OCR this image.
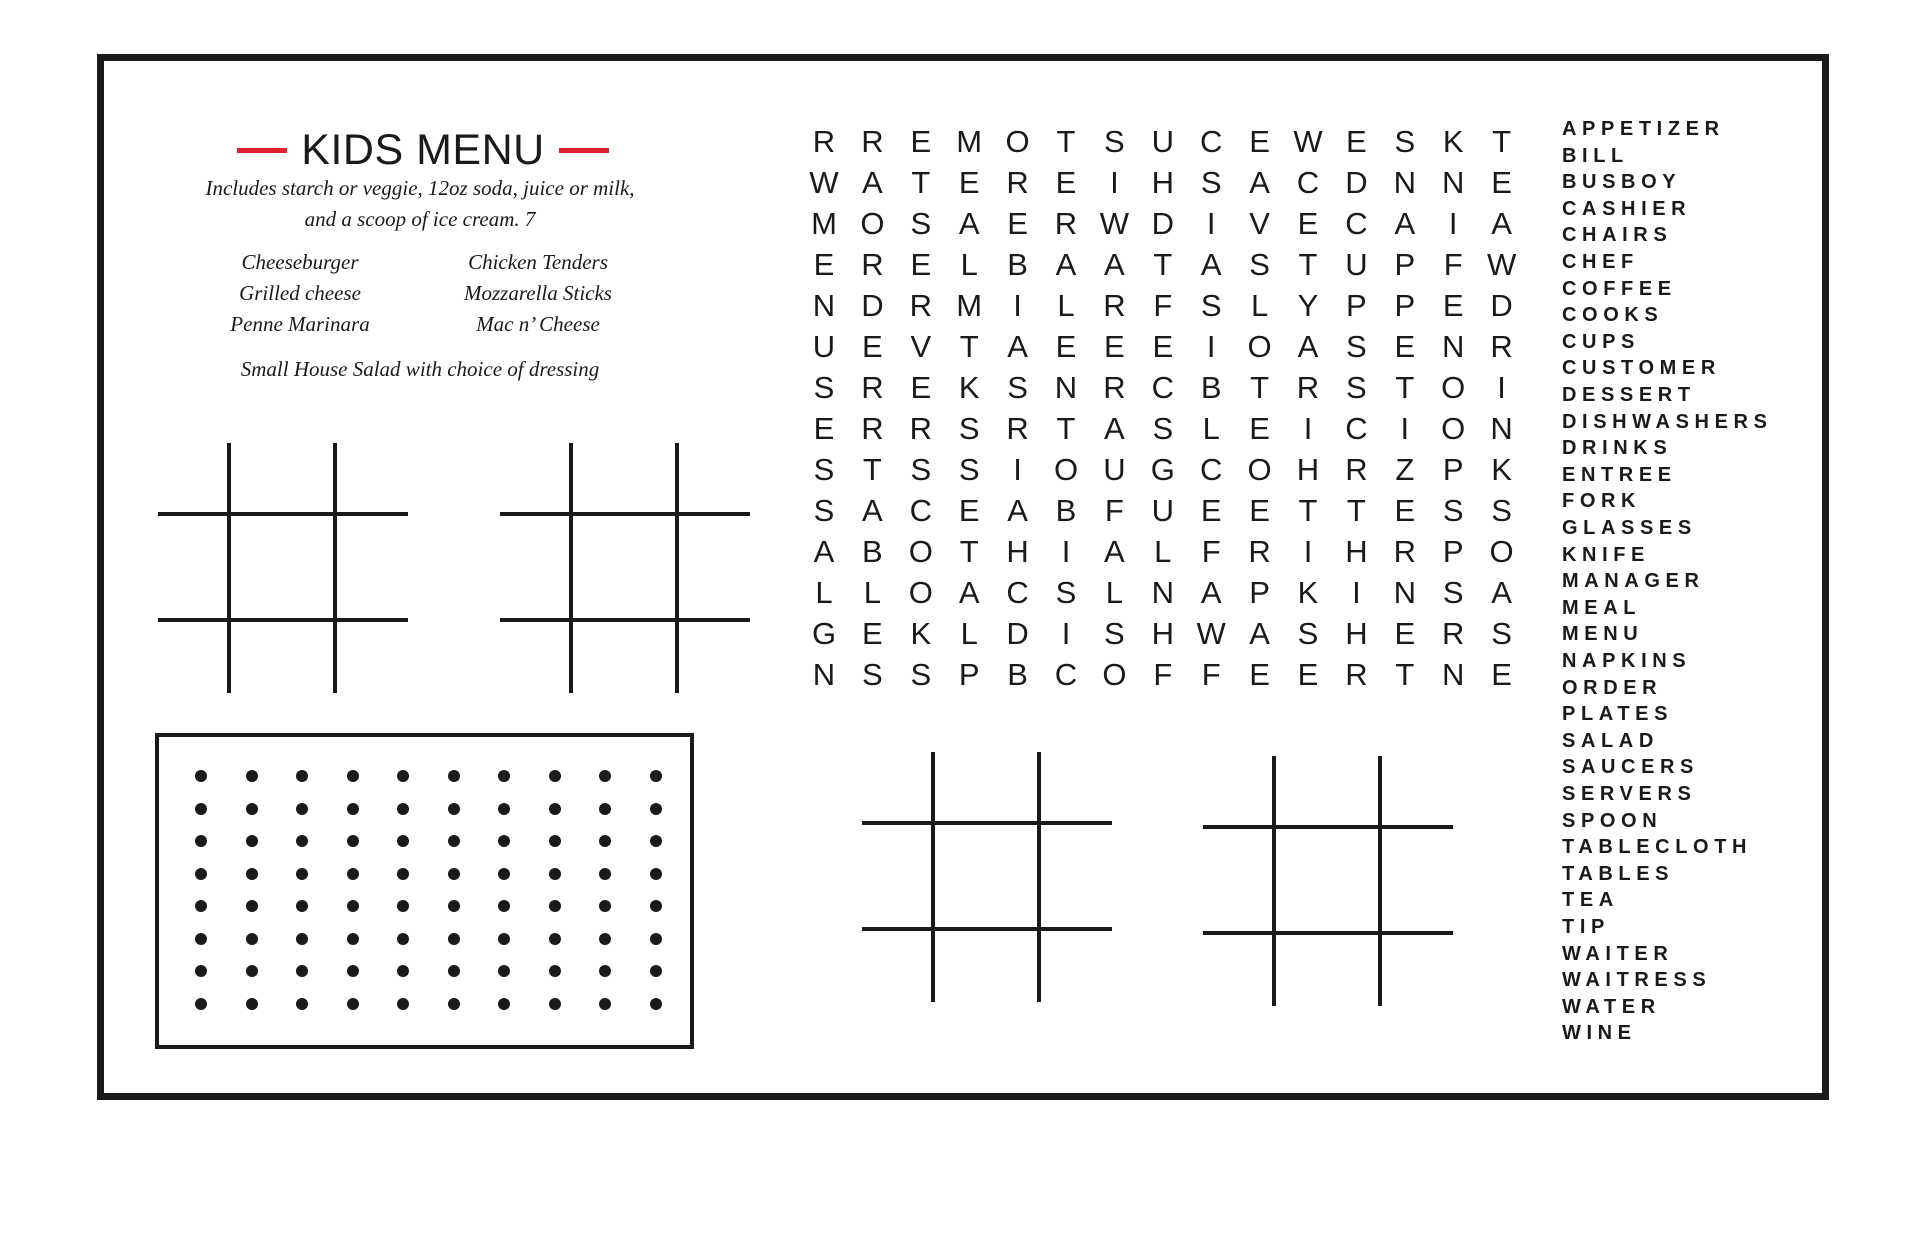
KIDS MENU
Includes starch or veggie, 12oz soda, juice or milk,
and a scoop of ice cream. 7
Cheeseburger
Grilled cheese
Penne Marinara
Chicken Tenders
Mozzarella Sticks
Mac n’ Cheese
Small House Salad with choice of dressing
R R E M O T S U C E W E S K T
W A T E R E	I	H S A C D N N E
M O S A E R W D	I	V E C A	I	A
E R E L B A A T A S T U P F W
N D R M	I	L R F S L Y P P E D
U E V T A E E E	I	O A S E N R
S R E K S N R C B T R S T O	I
E R R S R T A S L E	I	C	I	O N
S T S S	I	O U G C O H R Z P K
S A C E A B F U E E T T E S S
A B O T H	I	A L F R	I	H R P O
L	L O A C S L N A P K	I	N S A
G E K L D	I	S H W A S H E R S
N S S P B C O F F E E R T N E
APPETIZER
BILL
BUSBOY
CASHIER
CHAIRS
CHEF
COFFEE
COOKS
CUPS
CUSTOMER
DESSERT
DISHWASHERS
DRINKS
ENTREE
FORK
GLASSES
KNIFE
MANAGER
MEAL
MENU
NAPKINS
ORDER
PLATES
SALAD
SAUCERS
SERVERS
SPOON
TABLECLOTH
TABLES
TEA
TIP
WAITER
WAITRESS
WATER
WINE
